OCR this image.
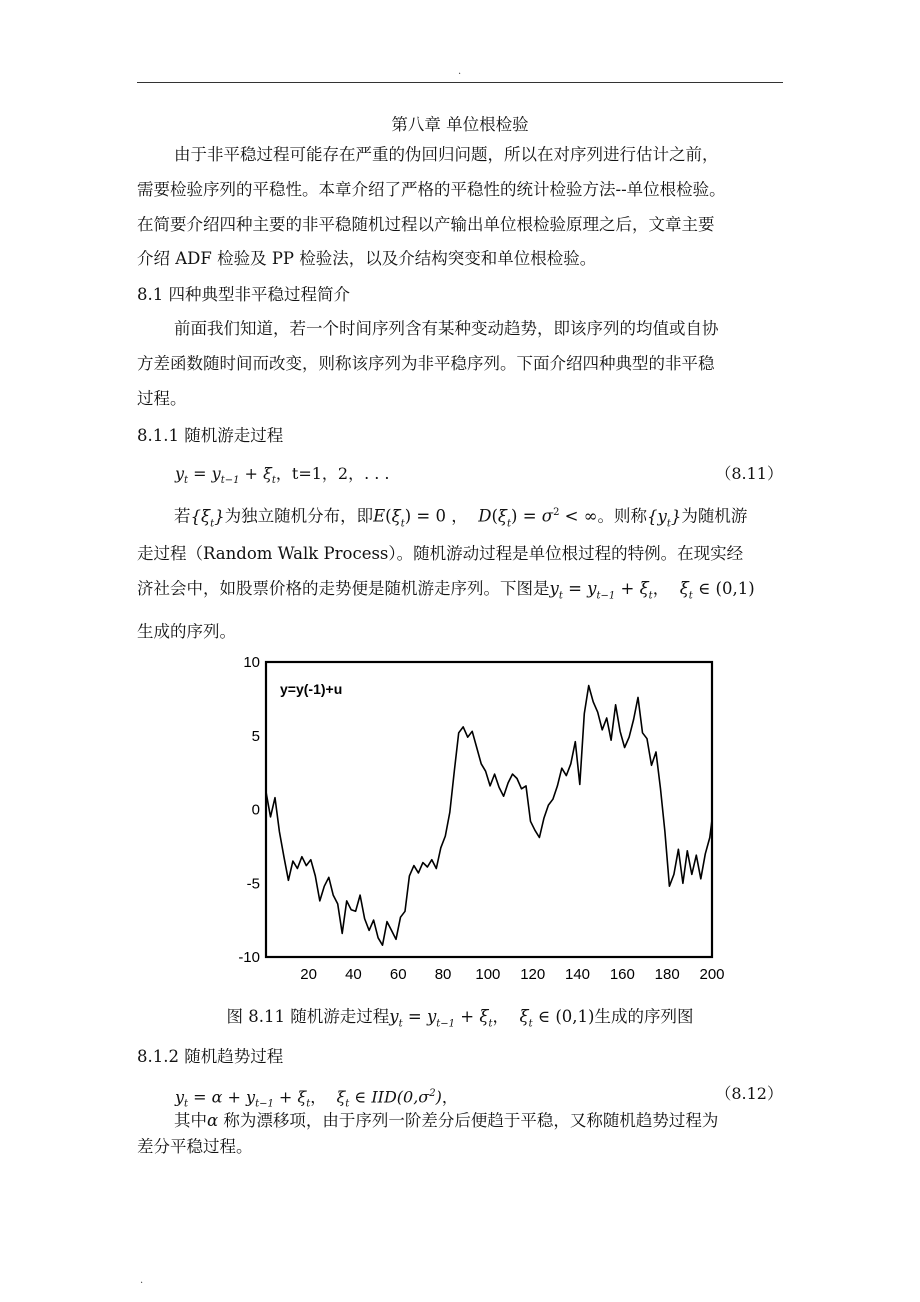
.
第八章 单位根检验
由于非平稳过程可能存在严重的伪回归问题，所以在对序列进行估计之前，
需要检验序列的平稳性。本章介绍了严格的平稳性的统计检验方法--单位根检验。
在简要介绍四种主要的非平稳随机过程以产输出单位根检验原理之后，文章主要
介绍 ADF 检验及 PP 检验法，以及介结构突变和单位根检验。
8.1 四种典型非平稳过程简介
前面我们知道，若一个时间序列含有某种变动趋势，即该序列的均值或自协
方差函数随时间而改变，则称该序列为非平稳序列。下面介绍四种典型的非平稳
过程。
8.1.1 随机游走过程
$y_t = y_{t-1} + \xi_t$，t=1，2，. . .	（8.11）
若$\{\xi_t\}$为独立随机分布，即$E(\xi_t) = 0$ ，  $D(\xi_t) = \sigma^2$ < ∞。则称$\{y_t\}$为随机游
走过程（Random Walk Process）。随机游动过程是单位根过程的特例。在现实经
济社会中，如股票价格的走势便是随机游走序列。下图是$y_t = y_{t-1} + \xi_t$，  $\xi_t$ ∈ (0,1)
生成的序列。
10
5
0
-5
-10
20 40 60 80 100 120 140 160 180 200
y=y(-1)+u
图 8.11 随机游走过程$y_t = y_{t-1} + \xi_t$，  $\xi_t$ ∈ (0,1)生成的序列图
8.1.2 随机趋势过程
$y_t = \alpha + y_{t-1} + \xi_t$，  $\xi_t$ ∈ $IID(0,\sigma^2)$，	（8.12）
其中α 称为漂移项，由于序列一阶差分后便趋于平稳，又称随机趋势过程为
差分平稳过程。
.
